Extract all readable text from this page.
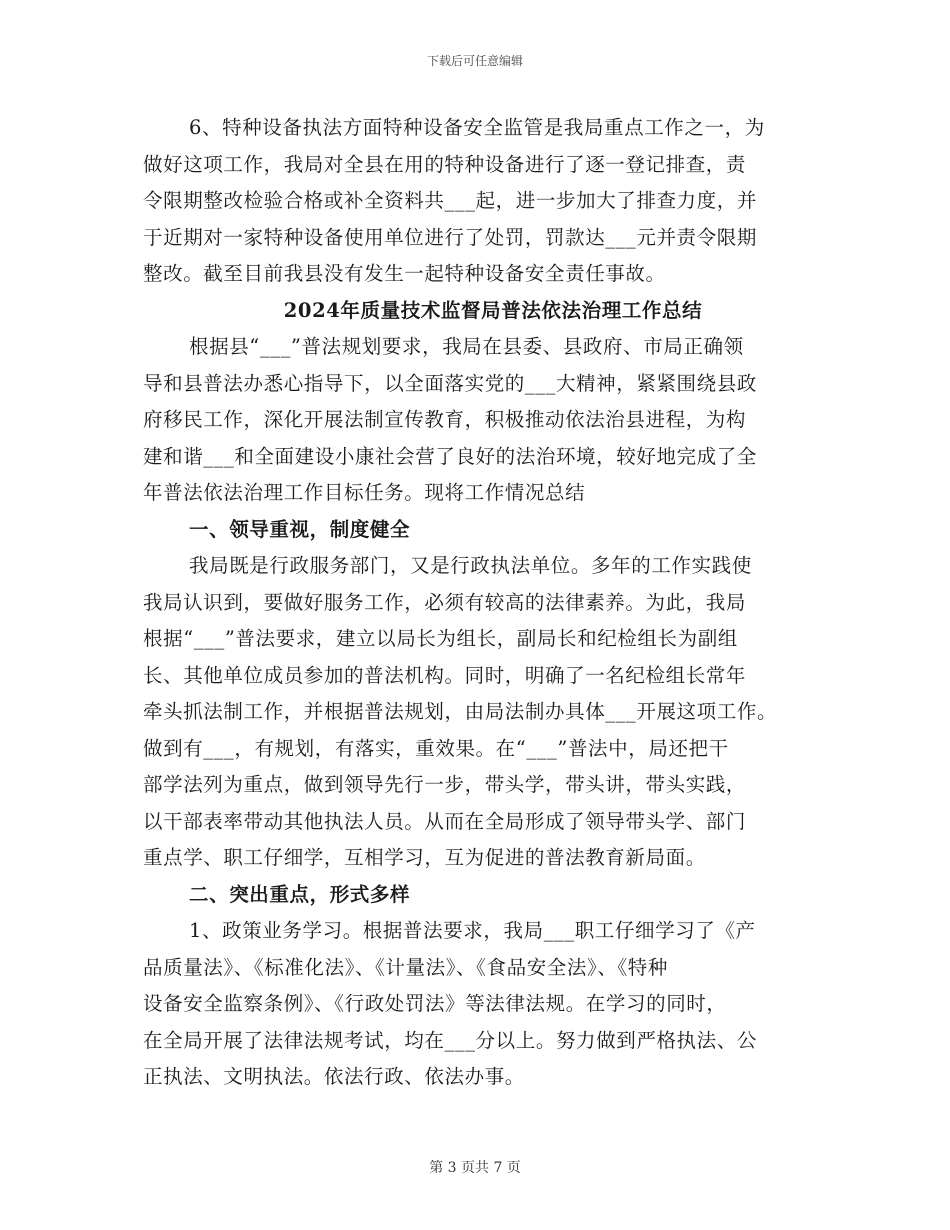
下载后可任意编辑
6、特种设备执法方面特种设备安全监管是我局重点工作之一，为
做好这项工作，我局对全县在用的特种设备进行了逐一登记排查，责
令限期整改检验合格或补全资料共___起，进一步加大了排查力度，并
于近期对一家特种设备使用单位进行了处罚，罚款达___元并责令限期
整改。截至目前我县没有发生一起特种设备安全责任事故。
2024年质量技术监督局普法依法治理工作总结
根据县“___”普法规划要求，我局在县委、县政府、市局正确领
导和县普法办悉心指导下，以全面落实党的___大精神，紧紧围绕县政
府移民工作，深化开展法制宣传教育，积极推动依法治县进程，为构
建和谐___和全面建设小康社会营了良好的法治环境，较好地完成了全
年普法依法治理工作目标任务。现将工作情况总结
一、领导重视，制度健全
我局既是行政服务部门，又是行政执法单位。多年的工作实践使
我局认识到，要做好服务工作，必须有较高的法律素养。为此，我局
根据“___”普法要求，建立以局长为组长，副局长和纪检组长为副组
长、其他单位成员参加的普法机构。同时，明确了一名纪检组长常年
牵头抓法制工作，并根据普法规划，由局法制办具体___开展这项工作。
做到有___，有规划，有落实，重效果。在“___”普法中，局还把干
部学法列为重点，做到领导先行一步，带头学，带头讲，带头实践，
以干部表率带动其他执法人员。从而在全局形成了领导带头学、部门
重点学、职工仔细学，互相学习，互为促进的普法教育新局面。
二、突出重点，形式多样
1、政策业务学习。根据普法要求，我局___职工仔细学习了《产
品质量法》、《标准化法》、《计量法》、《食品安全法》、《特种
设备安全监察条例》、《行政处罚法》等法律法规。在学习的同时，
在全局开展了法律法规考试，均在___分以上。努力做到严格执法、公
正执法、文明执法。依法行政、依法办事。
第 3 页共 7 页
